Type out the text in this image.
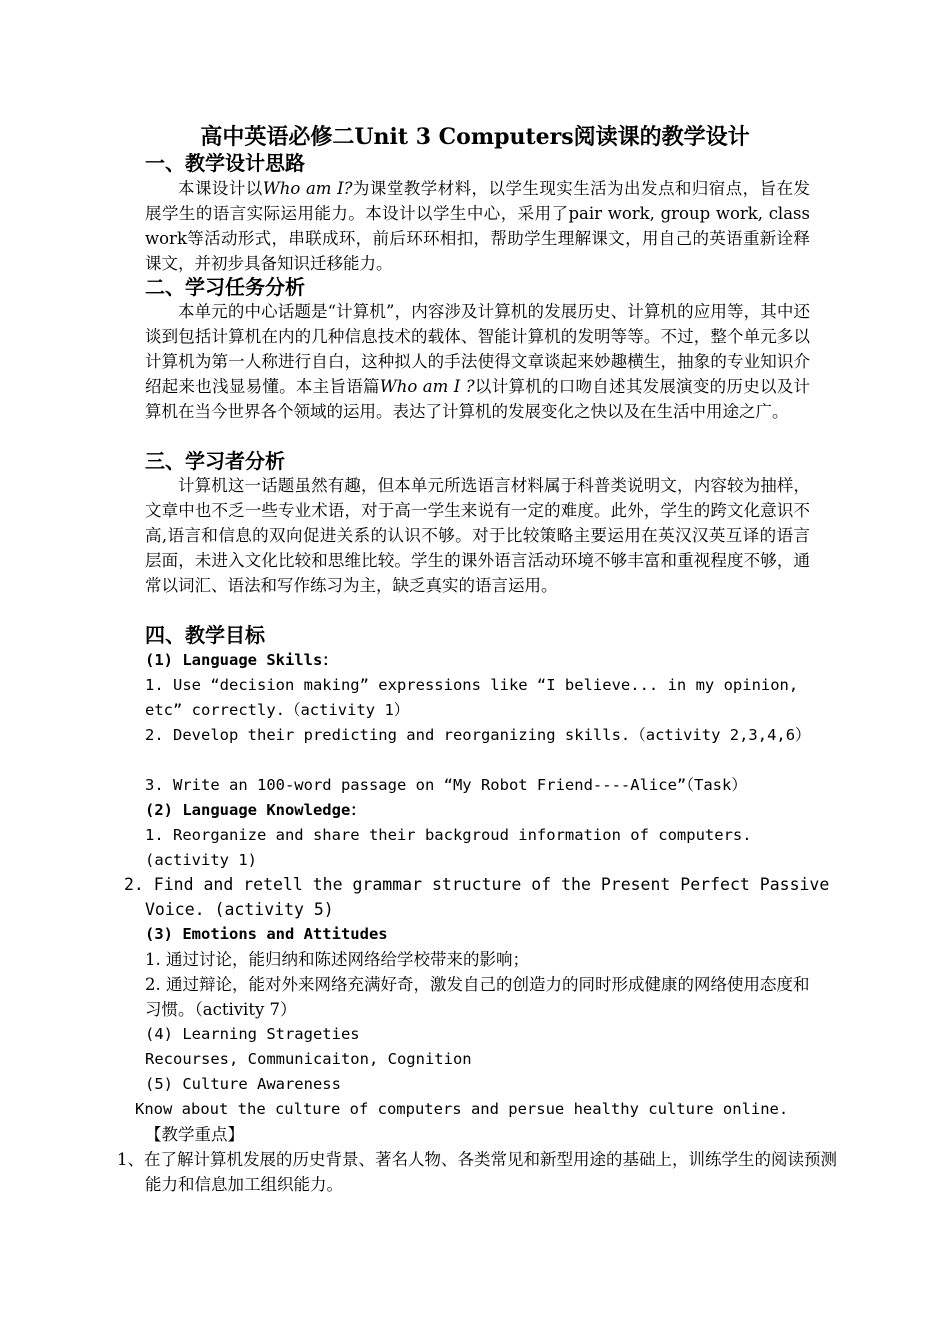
高中英语必修二Unit 3 Computers阅读课的教学设计
一、教学设计思路

本课设计以Who am I?为课堂教学材料，以学生现实生活为出发点和归宿点，旨在发展学生的语言实际运用能力。本设计以学生中心，采用了pair work, group work, class work等活动形式，串联成环，前后环环相扣，帮助学生理解课文，用自己的英语重新诠释课文，并初步具备知识迁移能力。

二、学习任务分析

本单元的中心话题是“计算机”，内容涉及计算机的发展历史、计算机的应用等，其中还谈到包括计算机在内的几种信息技术的载体、智能计算机的发明等等。不过，整个单元多以计算机为第一人称进行自白，这种拟人的手法使得文章谈起来妙趣横生，抽象的专业知识介绍起来也浅显易懂。本主旨语篇Who am I ?以计算机的口吻自述其发展演变的历史以及计算机在当今世界各个领域的运用。表达了计算机的发展变化之快以及在生活中用途之广。

三、学习者分析

计算机这一话题虽然有趣，但本单元所选语言材料属于科普类说明文，内容较为抽样，文章中也不乏一些专业术语，对于高一学生来说有一定的难度。此外，学生的跨文化意识不高,语言和信息的双向促进关系的认识不够。对于比较策略主要运用在英汉汉英互译的语言层面，未进入文化比较和思维比较。学生的课外语言活动环境不够丰富和重视程度不够，通常以词汇、语法和写作练习为主，缺乏真实的语言运用。

四、教学目标

(1) Language Skills：

1. Use “decision making” expressions like “I believe... in my opinion, etc” correctly.（activity 1）

2. Develop their predicting and reorganizing skills.（activity 2,3,4,6）

3. Write an 100-word passage on “My Robot Friend----Alice”（Task）

(2) Language Knowledge：

1. Reorganize and share their backgroud information of computers.(activity 1)

2. Find and retell the grammar structure of the Present Perfect Passive Voice. (activity 5)

(3) Emotions and Attitudes

1. 通过讨论，能归纳和陈述网络给学校带来的影响；

2. 通过辩论，能对外来网络充满好奇，激发自己的创造力的同时形成健康的网络使用态度和习惯。（activity 7）

(4) Learning Strageties

Recourses, Communicaiton, Cognition

(5) Culture Awareness

Know about the culture of computers and persue healthy culture online.

【教学重点】

1、在了解计算机发展的历史背景、著名人物、各类常见和新型用途的基础上，训练学生的阅读预测能力和信息加工组织能力。
